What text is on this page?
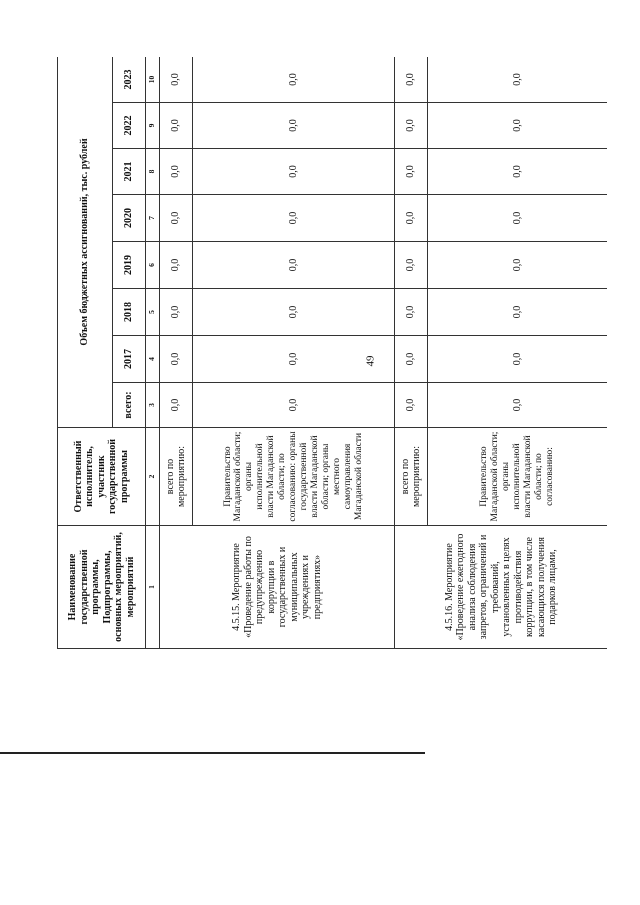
49
Наименование государственной программы, Подпрограммы, основных мероприятий, мероприятий	Ответственный исполнитель, участник государственной программы	Объем бюджетных ассигнований, тыс. рублей							
		всего:	2017	2018	2019	2020	2021	2022	2023
1	2	3	4	5	6	7	8	9	10
4.5.15. Мероприятие «Проведение работы по предупреждению коррупции в государственных и муниципальных учреждениях и предприятиях»	всего по мероприятию:	0,0	0,0	0,0	0,0	0,0	0,0	0,0	0,0
	Правительство Магаданской области; органы исполнительной власти Магаданской области; по согласованию: органы государственной власти Магаданской области; органы местного самоуправления Магаданской области	0,0	0,0	0,0	0,0	0,0	0,0	0,0	0,0
4.5.16. Мероприятие «Проведение ежегодного анализа соблюдения запретов, ограничений и требований, установленных в целях противодействия коррупции, в том числе касающихся получения подарков лицами,	всего по мероприятию:	0,0	0,0	0,0	0,0	0,0	0,0	0,0	0,0
	Правительство Магаданской области; органы исполнительной власти Магаданской области; по согласованию:	0,0	0,0	0,0	0,0	0,0	0,0	0,0	0,0
